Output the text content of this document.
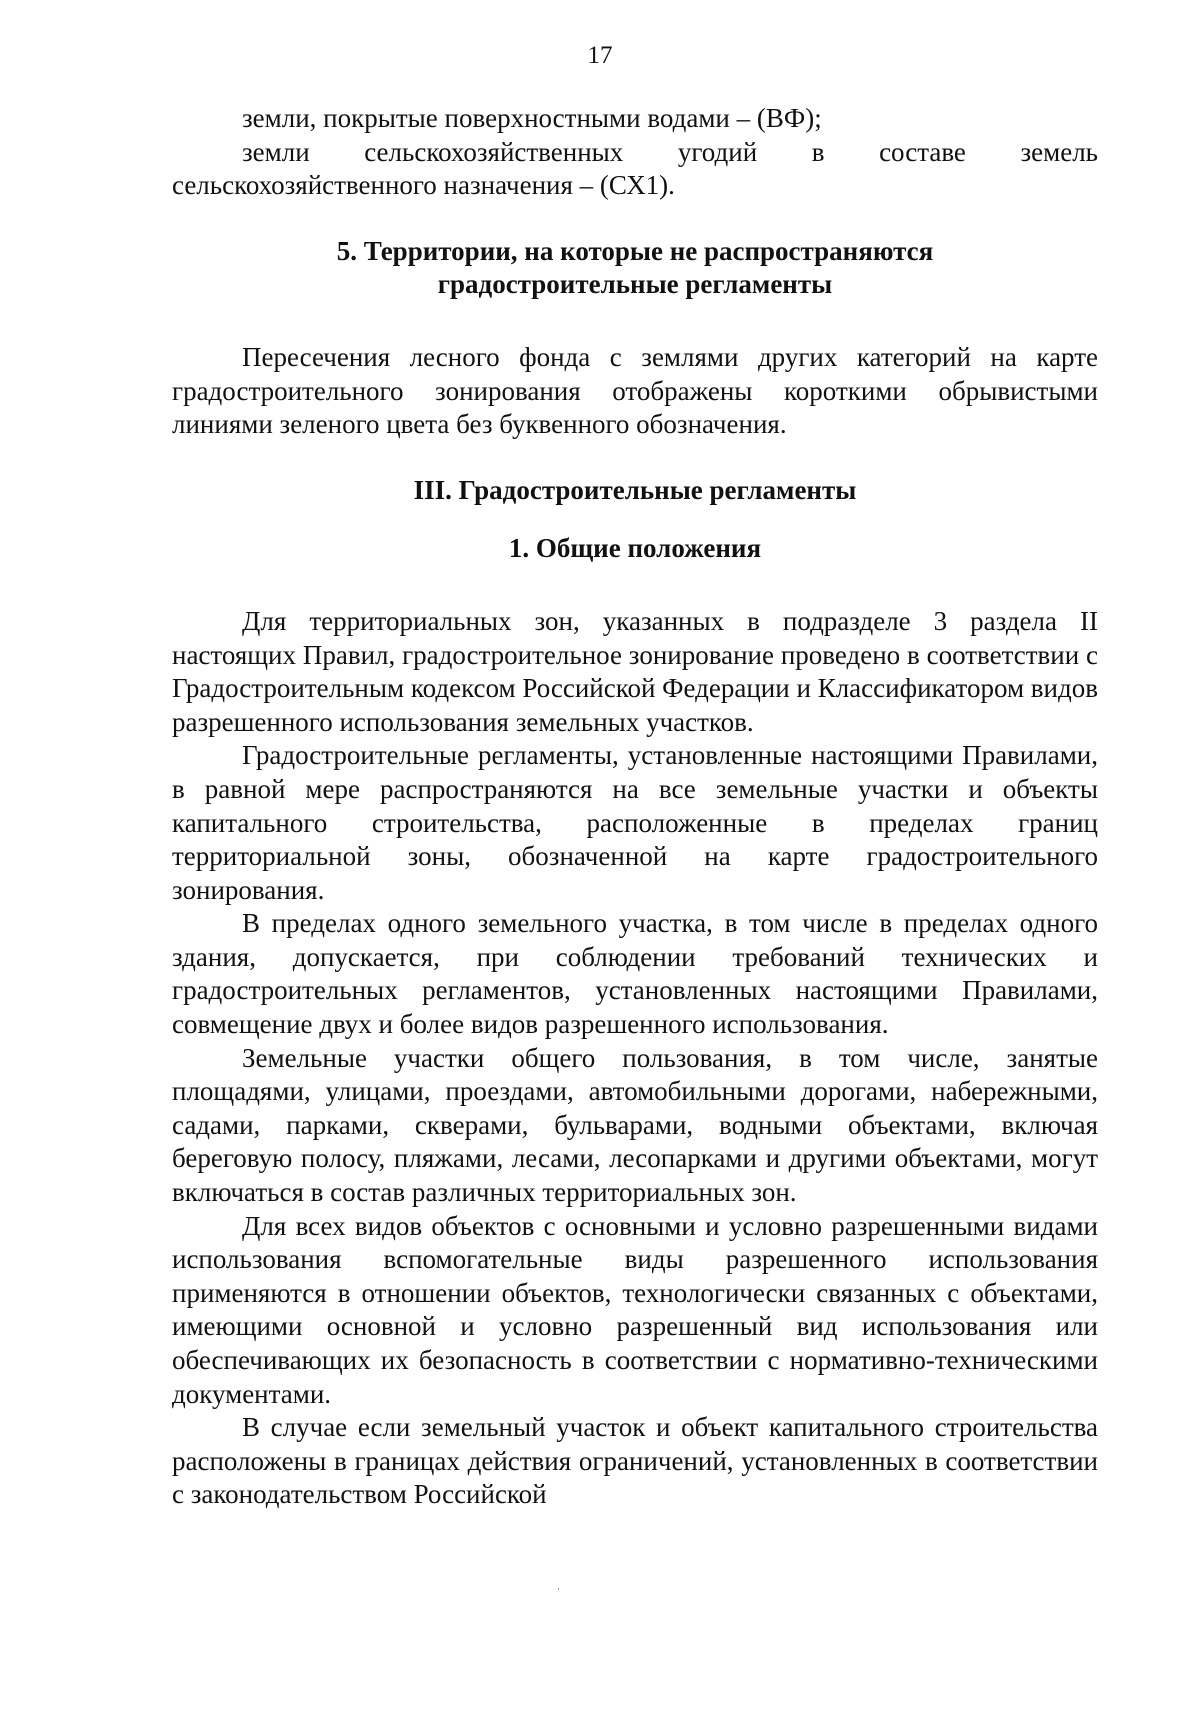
17
земли, покрытые поверхностными водами – (ВФ);
земли сельскохозяйственных угодий в составе земель
сельскохозяйственного назначения – (СХ1).
5. Территории, на которые не распространяются
градостроительные регламенты

Пересечения лесного фонда с землями других категорий на карте градостроительного зонирования отображены короткими обрывистыми линиями зеленого цвета без буквенного обозначения.

III. Градостроительные регламенты
1. Общие положения

Для территориальных зон, указанных в подразделе 3 раздела II настоящих Правил, градостроительное зонирование проведено в соответствии с Градостроительным кодексом Российской Федерации и Классификатором видов разрешенного использования земельных участков.

Градостроительные регламенты, установленные настоящими Правилами, в равной мере распространяются на все земельные участки и объекты капитального строительства, расположенные в пределах границ территориальной зоны, обозначенной на карте градостроительного зонирования.

В пределах одного земельного участка, в том числе в пределах одного здания, допускается, при соблюдении требований технических и градостроительных регламентов, установленных настоящими Правилами, совмещение двух и более видов разрешенного использования.

Земельные участки общего пользования, в том числе, занятые площадями, улицами, проездами, автомобильными дорогами, набережными, садами, парками, скверами, бульварами, водными объектами, включая береговую полосу, пляжами, лесами, лесопарками и другими объектами, могут включаться в состав различных территориальных зон.

Для всех видов объектов с основными и условно разрешенными видами использования вспомогательные виды разрешенного использования применяются в отношении объектов, технологически связанных с объектами, имеющими основной и условно разрешенный вид использования или обеспечивающих их безопасность в соответствии с нормативно-техническими документами.

В случае если земельный участок и объект капитального строительства расположены в границах действия ограничений, установленных в соответствии с законодательством Российской
